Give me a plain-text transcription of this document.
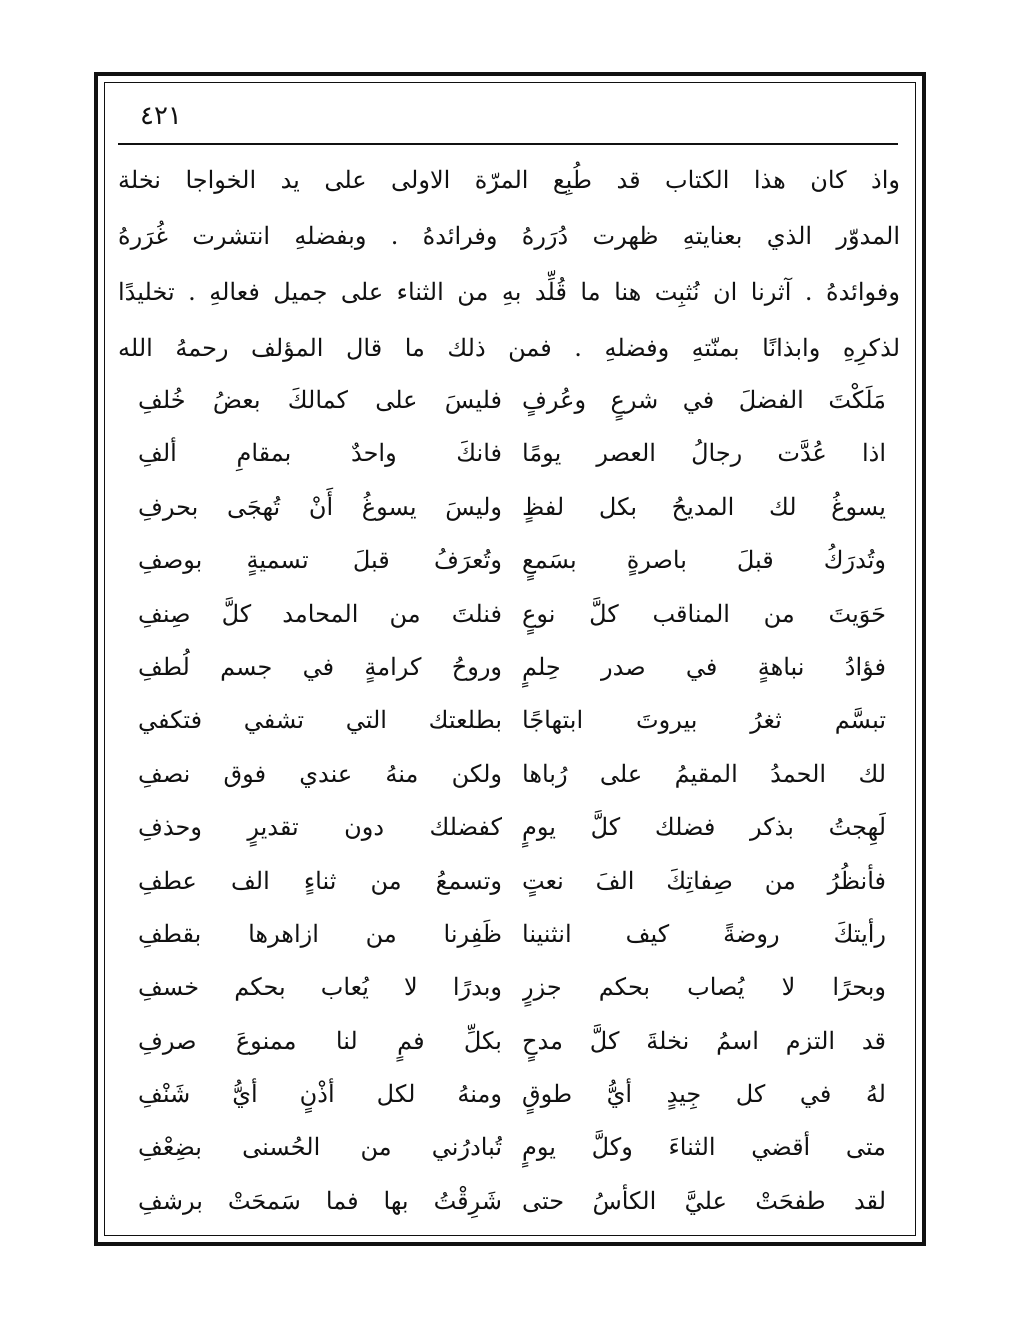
٤٢١
واذ كان هذا الكتاب قد طُبِع المرّة الاولى على يد الخواجا نخلة
المدوّر الذي بعنايتهِ ظهرت دُرَرهُ وفرائدهُ . وبفضلهِ انتشرت غُرَرهُ
وفوائدهُ . آثرنا ان نُثبِت هنا ما قُلِّد بهِ من الثناء على جميل فعالهِ . تخليدًا
لذكرِهِ وابذانًا بمنّتهِ وفضلهِ . فمن ذلك ما قال المؤلف رحمهُ الله
مَلَكْتَ الفضلَ في شرعٍ وعُرفٍ
فليسَ على كمالكَ بعضُ خُلفِ
اذا عُدَّت رجالُ العصر يومًا
فانكَ واحدٌ بمقامِ ألفِ
يسوغُ لك المديحُ بكل لفظٍ
وليسَ يسوغُ أَنْ تُهجَى بحرفِ
وتُدرَكُ قبلَ باصرةٍ بسَمعٍ
وتُعرَفُ قبلَ تسميةٍ بوصفِ
حَوَيتَ من المناقب كلَّ نوعٍ
فنلتَ من المحامد كلَّ صِنفِ
فؤادُ نباهةٍ في صدر حِلمٍ
وروحُ كرامةٍ في جسم لُطفِ
تبسَّم ثغرُ بيروتَ ابتهاجًا
بطلعتك التي تشفي فتكفي
لك الحمدُ المقيمُ على رُباها
ولكن منهُ عندي فوق نصفِ
لَهِجتُ بذكر فضلك كلَّ يومٍ
كفضلك دون تقديرٍ وحذفِ
فأنظُرُ من صِفاتِكَ الفَ نعتٍ
وتسمعُ من ثناءٍ الف عطفِ
رأيتكَ روضةً كيف انثنينا
ظَفِرنا من ازاهرها بقطفِ
وبحرًا لا يُصاب بحكم جزرٍ
وبدرًا لا يُعاب بحكم خسفِ
قد التزم اسمُ نخلةَ كلَّ مدحٍ
بكلِّ فمٍ لنا ممنوعَ صرفِ
لهُ في كل جِيدٍ أيُّ طوقٍ
ومنهُ لكل أذْنٍ أيُّ شَنْفِ
متى أقضي الثناءَ وكلَّ يومٍ
تُبادرُني من الحُسنى بضِعْفِ
لقد طفحَتْ عليَّ الكأسُ حتى
شَرِقْتُ بها فما سَمحَتْ برشفِ
